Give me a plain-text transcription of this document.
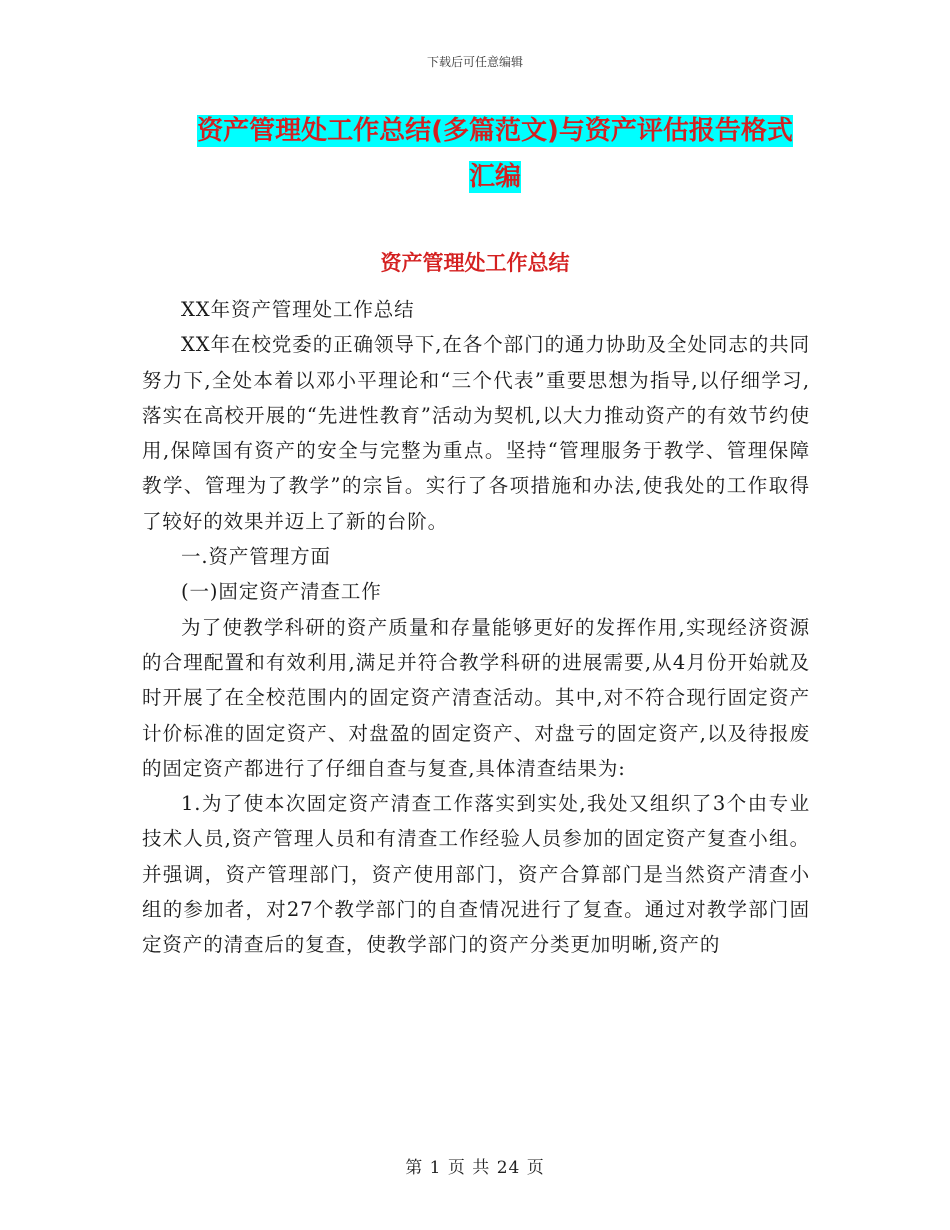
下载后可任意编辑
资产管理处工作总结(多篇范文)与资产评估报告格式
汇编
资产管理处工作总结

XX年资产管理处工作总结

XX年在校党委的正确领导下,在各个部门的通力协助及全处同志的共同努力下,全处本着以邓小平理论和“三个代表”重要思想为指导,以仔细学习,落实在高校开展的“先进性教育”活动为契机,以大力推动资产的有效节约使用,保障国有资产的安全与完整为重点。坚持“管理服务于教学、管理保障教学、管理为了教学”的宗旨。实行了各项措施和办法,使我处的工作取得了较好的效果并迈上了新的台阶。

一.资产管理方面

(一)固定资产清查工作

为了使教学科研的资产质量和存量能够更好的发挥作用,实现经济资源的合理配置和有效利用,满足并符合教学科研的进展需要,从4月份开始就及时开展了在全校范围内的固定资产清查活动。其中,对不符合现行固定资产计价标准的固定资产、对盘盈的固定资产、对盘亏的固定资产,以及待报废的固定资产都进行了仔细自查与复查,具体清查结果为:

1.为了使本次固定资产清查工作落实到实处,我处又组织了3个由专业技术人员,资产管理人员和有清查工作经验人员参加的固定资产复查小组。并强调，资产管理部门，资产使用部门，资产合算部门是当然资产清查小组的参加者，对27个教学部门的自查情况进行了复查。通过对教学部门固定资产的清查后的复查，使教学部门的资产分类更加明晰,资产的

第 1 页 共 24 页
